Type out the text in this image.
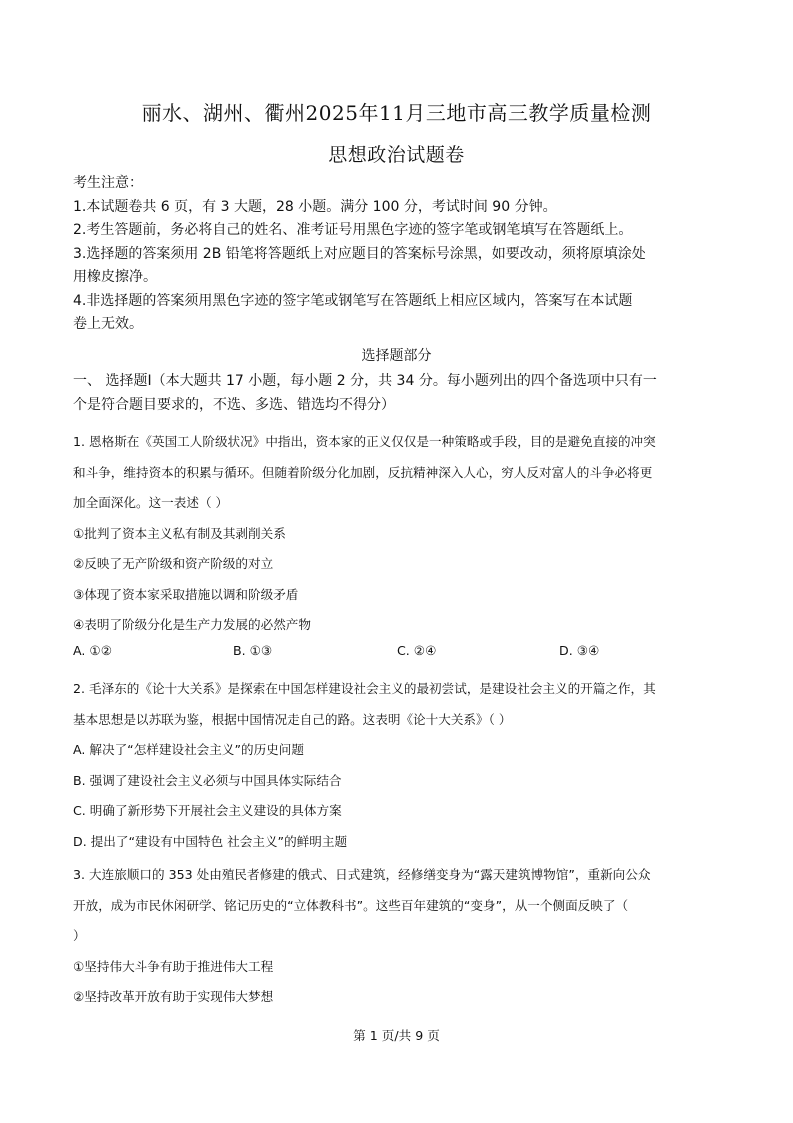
丽水、湖州、衢州2025年11月三地市高三教学质量检测
思想政治试题卷
考生注意：
1.本试题卷共 6 页，有 3 大题，28 小题。满分 100 分，考试时间 90 分钟。
2.考生答题前，务必将自己的姓名、准考证号用黑色字迹的签字笔或钢笔填写在答题纸上。
3.选择题的答案须用 2B 铅笔将答题纸上对应题目的答案标号涂黑，如要改动，须将原填涂处
用橡皮擦净。
4.非选择题的答案须用黑色字迹的签字笔或钢笔写在答题纸上相应区域内，答案写在本试题
卷上无效。
选择题部分
一、 选择题Ⅰ（本大题共 17 小题，每小题 2 分，共 34 分。每小题列出的四个备选项中只有一
个是符合题目要求的，不选、多选、错选均不得分）
1. 恩格斯在《英国工人阶级状况》中指出，资本家的正义仅仅是一种策略或手段，目的是避免直接的冲突
和斗争，维持资本的积累与循环。但随着阶级分化加剧，反抗精神深入人心，穷人反对富人的斗争必将更
加全面深化。这一表述（ ）
①批判了资本主义私有制及其剥削关系
②反映了无产阶级和资产阶级的对立
③体现了资本家采取措施以调和阶级矛盾
④表明了阶级分化是生产力发展的必然产物
A. ①②	B. ①③	C. ②④	D. ③④
2. 毛泽东的《论十大关系》是探索在中国怎样建设社会主义的最初尝试，是建设社会主义的开篇之作，其
基本思想是以苏联为鉴，根据中国情况走自己的路。这表明《论十大关系》（ ）
A. 解决了“怎样建设社会主义”的历史问题
B. 强调了建设社会主义必须与中国具体实际结合
C. 明确了新形势下开展社会主义建设的具体方案
D. 提出了“建设有中国特色 社会主义”的鲜明主题
3. 大连旅顺口的 353 处由殖民者修建的俄式、日式建筑，经修缮变身为“露天建筑博物馆”，重新向公众
开放，成为市民休闲研学、铭记历史的“立体教科书”。这些百年建筑的“变身”，从一个侧面反映了（
）
①坚持伟大斗争有助于推进伟大工程
②坚持改革开放有助于实现伟大梦想
第 1 页/共 9 页
